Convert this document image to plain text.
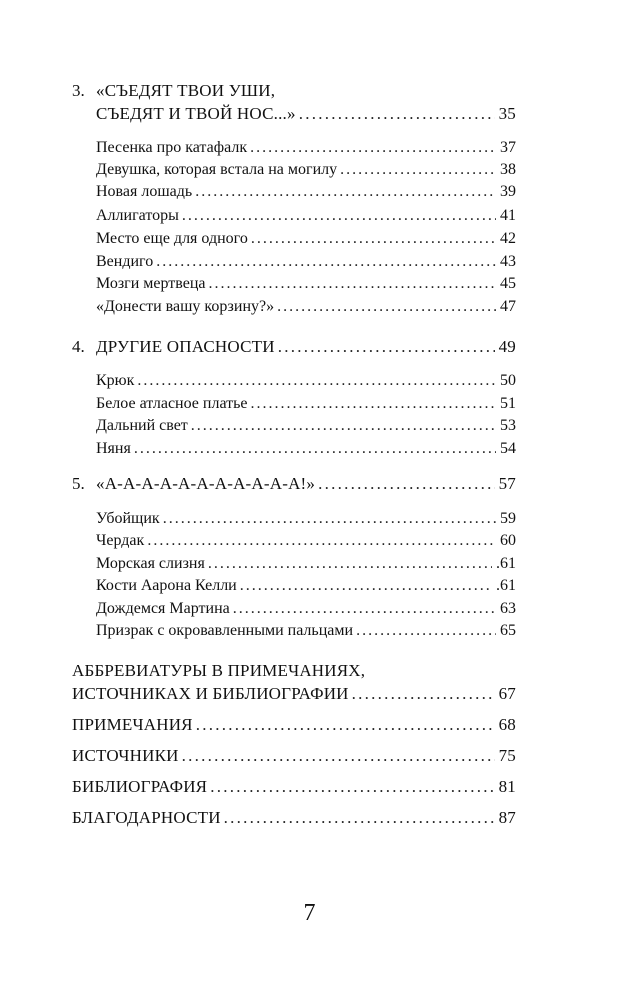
3. «СЪЕДЯТ ТВОИ УШИ,
СЪЕДЯТ И ТВОЙ НОС...» . . .	35
Песенка про катафалк . . .	37
Девушка, которая встала на могилу . . .	38
Новая лошадь . . .	39
Аллигаторы . . .	41
Место еще для одного . . .	42
Вендиго . . .	43
Мозги мертвеца . . .	45
«Донести вашу корзину?» . . .	47
4. ДРУГИЕ ОПАСНОСТИ . . .	49
Крюк . . .	50
Белое атласное платье . . .	51
Дальний свет . . .	53
Няня . . .	54
5. «А-А-А-А-А-А-А-А-А-А-А!» . . .	57
Убойщик . . .	59
Чердак . . .	60
Морская слизня . . .	.61
Кости Аарона Келли . . .	.61
Дождемся Мартина . . .	63
Призрак с окровавленными пальцами . . .	65
АББРЕВИАТУРЫ В ПРИМЕЧАНИЯХ,
ИСТОЧНИКАХ И БИБЛИОГРАФИИ . . .	67
ПРИМЕЧАНИЯ . . .	68
ИСТОЧНИКИ . . .	75
БИБЛИОГРАФИЯ . . .	81
БЛАГОДАРНОСТИ . . .	87
7
